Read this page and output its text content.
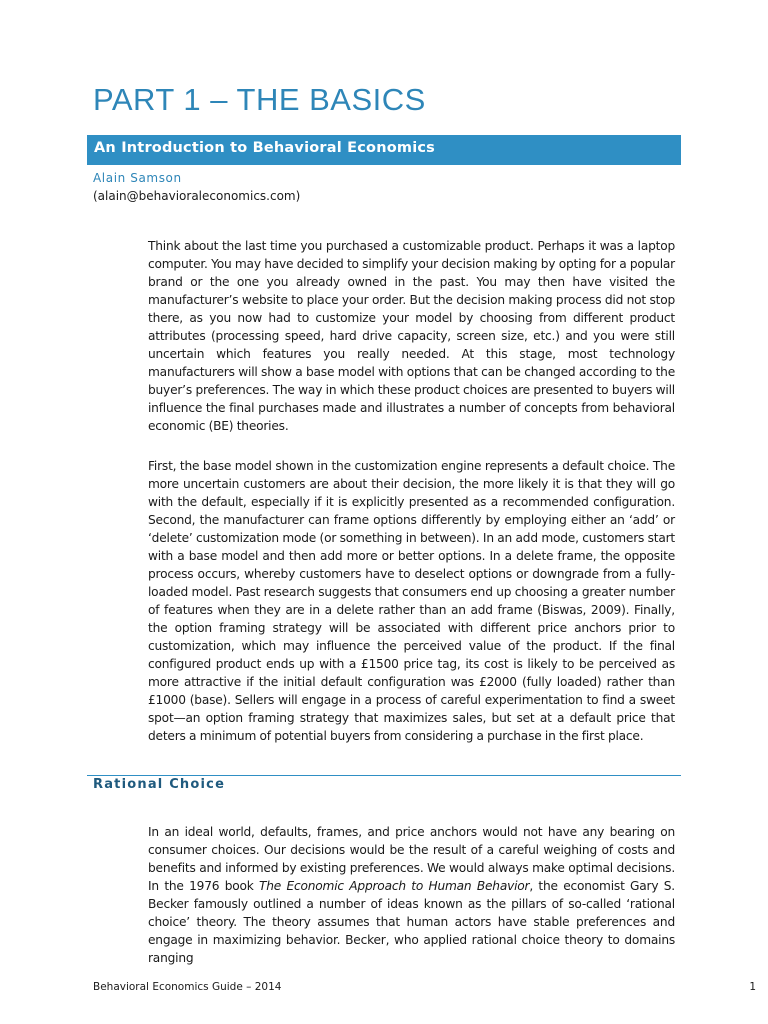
PART 1 – THE BASICS
An Introduction to Behavioral Economics
Alain Samson
(alain@behavioraleconomics.com)

Think about the last time you purchased a customizable product. Perhaps it was a laptop computer. You may have decided to simplify your decision making by opting for a popular brand or the one you already owned in the past. You may then have visited the manufacturer’s website to place your order. But the decision making process did not stop there, as you now had to customize your model by choosing from different product attributes (processing speed, hard drive capacity, screen size, etc.) and you were still uncertain which features you really needed. At this stage, most technology manufacturers will show a base model with options that can be changed according to the buyer’s preferences. The way in which these product choices are presented to buyers will influence the final purchases made and illustrates a number of concepts from behavioral economic (BE) theories.

First, the base model shown in the customization engine represents a default choice. The more uncertain customers are about their decision, the more likely it is that they will go with the default, especially if it is explicitly presented as a recommended configuration. Second, the manufacturer can frame options differently by employing either an ‘add’ or ‘delete’ customization mode (or something in between). In an add mode, customers start with a base model and then add more or better options. In a delete frame, the opposite process occurs, whereby customers have to deselect options or downgrade from a fully-loaded model. Past research suggests that consumers end up choosing a greater number of features when they are in a delete rather than an add frame (Biswas, 2009). Finally, the option framing strategy will be associated with different price anchors prior to customization, which may influence the perceived value of the product. If the final configured product ends up with a £1500 price tag, its cost is likely to be perceived as more attractive if the initial default configuration was £2000 (fully loaded) rather than £1000 (base). Sellers will engage in a process of careful experimentation to find a sweet spot—an option framing strategy that maximizes sales, but set at a default price that deters a minimum of potential buyers from considering a purchase in the first place.

Rational Choice

In an ideal world, defaults, frames, and price anchors would not have any bearing on consumer choices. Our decisions would be the result of a careful weighing of costs and benefits and informed by existing preferences. We would always make optimal decisions. In the 1976 book The Economic Approach to Human Behavior, the economist Gary S. Becker famously outlined a number of ideas known as the pillars of so-called ‘rational choice’ theory. The theory assumes that human actors have stable preferences and engage in maximizing behavior. Becker, who applied rational choice theory to domains ranging

Behavioral Economics Guide – 2014	1
